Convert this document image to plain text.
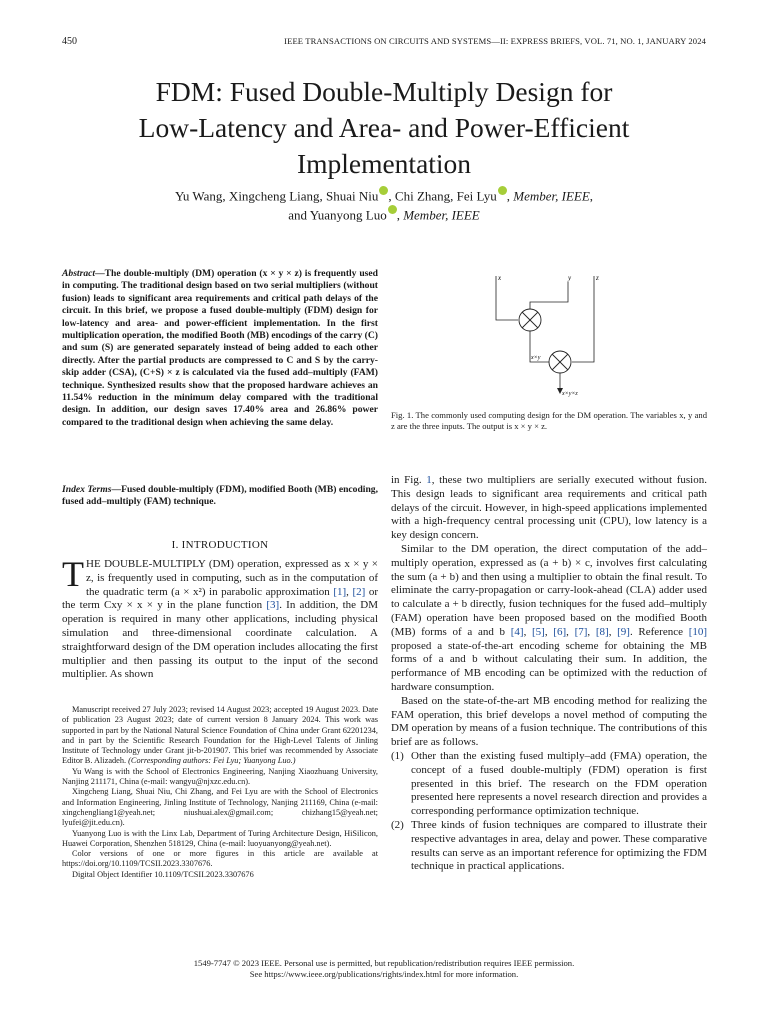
450	IEEE TRANSACTIONS ON CIRCUITS AND SYSTEMS—II: EXPRESS BRIEFS, VOL. 71, NO. 1, JANUARY 2024
FDM: Fused Double-Multiply Design for
Low-Latency and Area- and Power-Efficient
Implementation
Yu Wang, Xingcheng Liang, Shuai Niu , Chi Zhang, Fei Lyu , Member, IEEE,
and Yuanyong Luo , Member, IEEE
Abstract—The double-multiply (DM) operation (x × y × z) is frequently used in computing. The traditional design based on two serial multipliers (without fusion) leads to significant area requirements and critical path delays of the circuit. In this brief, we propose a fused double-multiply (FDM) design for low-latency and area- and power-efficient implementation. In the first multiplication operation, the modified Booth (MB) encodings of the carry (C) and sum (S) are generated separately instead of being added to each other directly. After the partial products are compressed to C and S by the carry-skip adder (CSA), (C+S) × z is calculated via the fused add–multiply (FAM) technique. Synthesized results show that the proposed hardware achieves an 11.54% reduction in the minimum delay compared with the traditional design. In addition, our design saves 17.40% area and 26.86% power compared to the traditional design when achieving the same delay.
Index Terms—Fused double-multiply (FDM), modified Booth (MB) encoding, fused add–multiply (FAM) technique.
I. INTRODUCTION
THE DOUBLE-MULTIPLY (DM) operation, expressed as x × y × z, is frequently used in computing, such as in the computation of the quadratic term (a × x²) in parabolic approximation [1], [2] or the term Cxy × x × y in the plane function [3]. In addition, the DM operation is required in many other applications, including physical simulation and three-dimensional coordinate calculation. A straightforward design of the DM operation includes allocating the first multiplier and then passing its output to the input of the second multiplier. As shown

Manuscript received 27 July 2023; revised 14 August 2023; accepted 19 August 2023. Date of publication 23 August 2023; date of current version 8 January 2024. This work was supported in part by the National Natural Science Foundation of China under Grant 62201234, and in part by the Scientific Research Foundation for the High-Level Talents of Jinling Institute of Technology under Grant jit-b-201907. This brief was recommended by Associate Editor B. Alizadeh. (Corresponding authors: Fei Lyu; Yuanyong Luo.)

Yu Wang is with the School of Electronics Engineering, Nanjing Xiaozhuang University, Nanjing 211171, China (e-mail: wangyu@njxzc.edu.cn).

Xingcheng Liang, Shuai Niu, Chi Zhang, and Fei Lyu are with the School of Electronics and Information Engineering, Jinling Institute of Technology, Nanjing 211169, China (e-mail: xingchengliang1@yeah.net; niushuai.alex@gmail.com; chizhang15@yeah.net; lyufei@jit.edu.cn).

Yuanyong Luo is with the Linx Lab, Department of Turing Architecture Design, HiSilicon, Huawei Corporation, Shenzhen 518129, China (e-mail: luoyuanyong@yeah.net).

Color versions of one or more figures in this article are available at https://doi.org/10.1109/TCSII.2023.3307676.

Digital Object Identifier 10.1109/TCSII.2023.3307676

x	y	z
x×y
x×y×z
Fig. 1. The commonly used computing design for the DM operation. The variables x, y and z are the three inputs. The output is x × y × z.

in Fig. 1, these two multipliers are serially executed without fusion. This design leads to significant area requirements and critical path delays of the circuit. However, in high-speed applications implemented with a high-frequency central processing unit (CPU), low latency is a key design concern.

Similar to the DM operation, the direct computation of the add–multiply operation, expressed as (a + b) × c, involves first calculating the sum (a + b) and then using a multiplier to obtain the final result. To eliminate the carry-propagation or carry-look-ahead (CLA) adder used to calculate a + b directly, fusion techniques for the fused add–multiply (FAM) operation have been proposed based on the modified Booth (MB) forms of a and b [4], [5], [6], [7], [8], [9]. Reference [10] proposed a state-of-the-art encoding scheme for obtaining the MB forms of a and b without calculating their sum. In addition, the performance of MB encoding can be optimized with the reduction of hardware consumption.

Based on the state-of-the-art MB encoding method for realizing the FAM operation, this brief develops a novel method of computing the DM operation by means of a fusion technique. The contributions of this brief are as follows.

(1) Other than the existing fused multiply–add (FMA) operation, the concept of a fused double-multiply (FDM) operation is first presented in this brief. The research on the FDM operation presented here represents a novel research direction and provides a corresponding performance optimization technique.
(2) Three kinds of fusion techniques are compared to illustrate their respective advantages in area, delay and power. These comparative results can serve as an important reference for optimizing the FDM technique in practical applications.
1549-7747 © 2023 IEEE. Personal use is permitted, but republication/redistribution requires IEEE permission.
See https://www.ieee.org/publications/rights/index.html for more information.
